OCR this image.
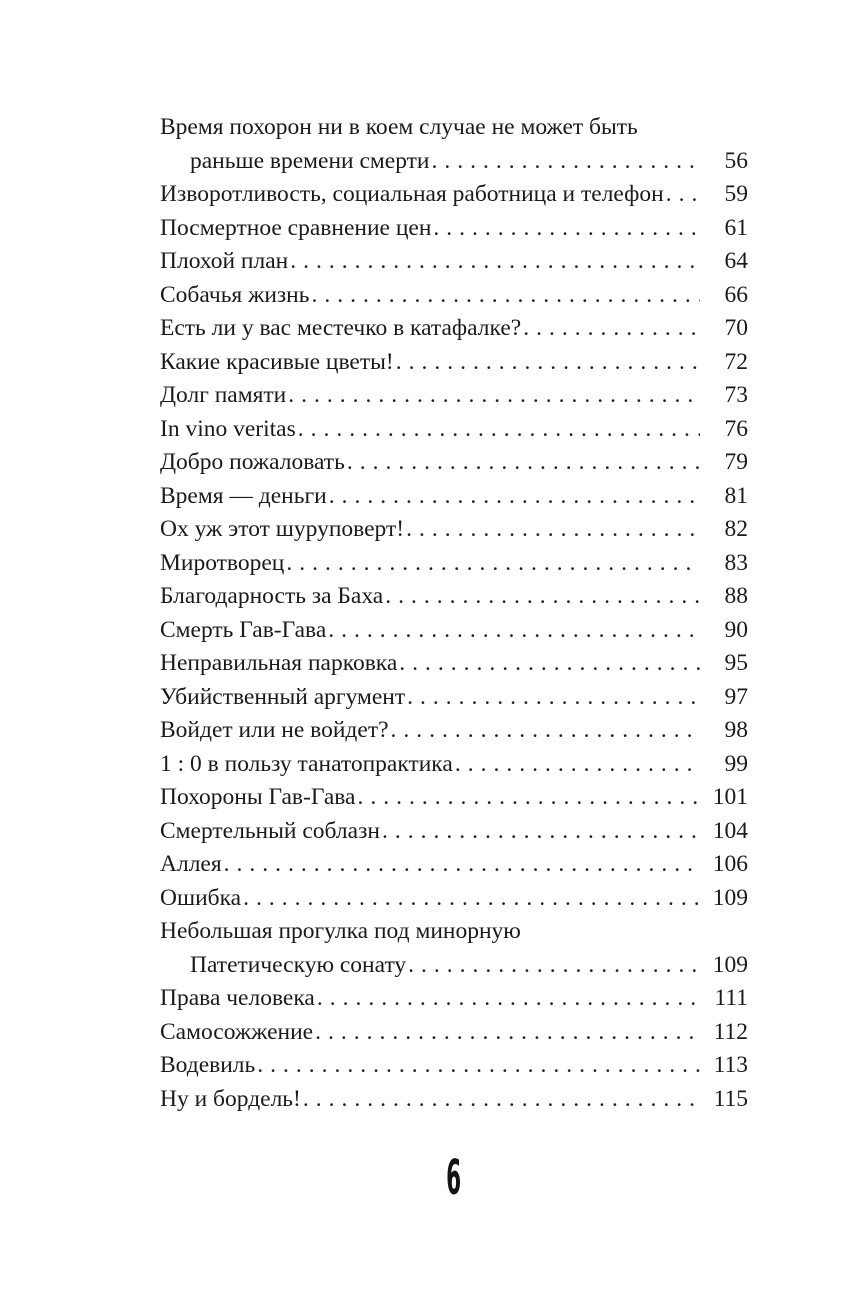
Время похорон ни в коем случае не может быть
раньше времени смерти .....	56
Изворотливость, социальная работница и телефон .....	59
Посмертное сравнение цен .....	61
Плохой план .....	64
Собачья жизнь .....	66
Есть ли у вас местечко в катафалке? .....	70
Какие красивые цветы! .....	72
Долг памяти .....	73
In vino veritas .....	76
Добро пожаловать .....	79
Время — деньги .....	81
Ох уж этот шуруповерт! .....	82
Миротворец .....	83
Благодарность за Баха .....	88
Смерть Гав-Гава .....	90
Неправильная парковка .....	95
Убийственный аргумент .....	97
Войдет или не войдет? .....	98
1 : 0 в пользу танатопрактика .....	99
Похороны Гав-Гава .....	101
Смертельный соблазн .....	104
Аллея .....	106
Ошибка .....	109
Небольшая прогулка под минорную
Патетическую сонату .....	109
Права человека .....	111
Самосожжение .....	112
Водевиль .....	113
Ну и бордель! .....	115
6
